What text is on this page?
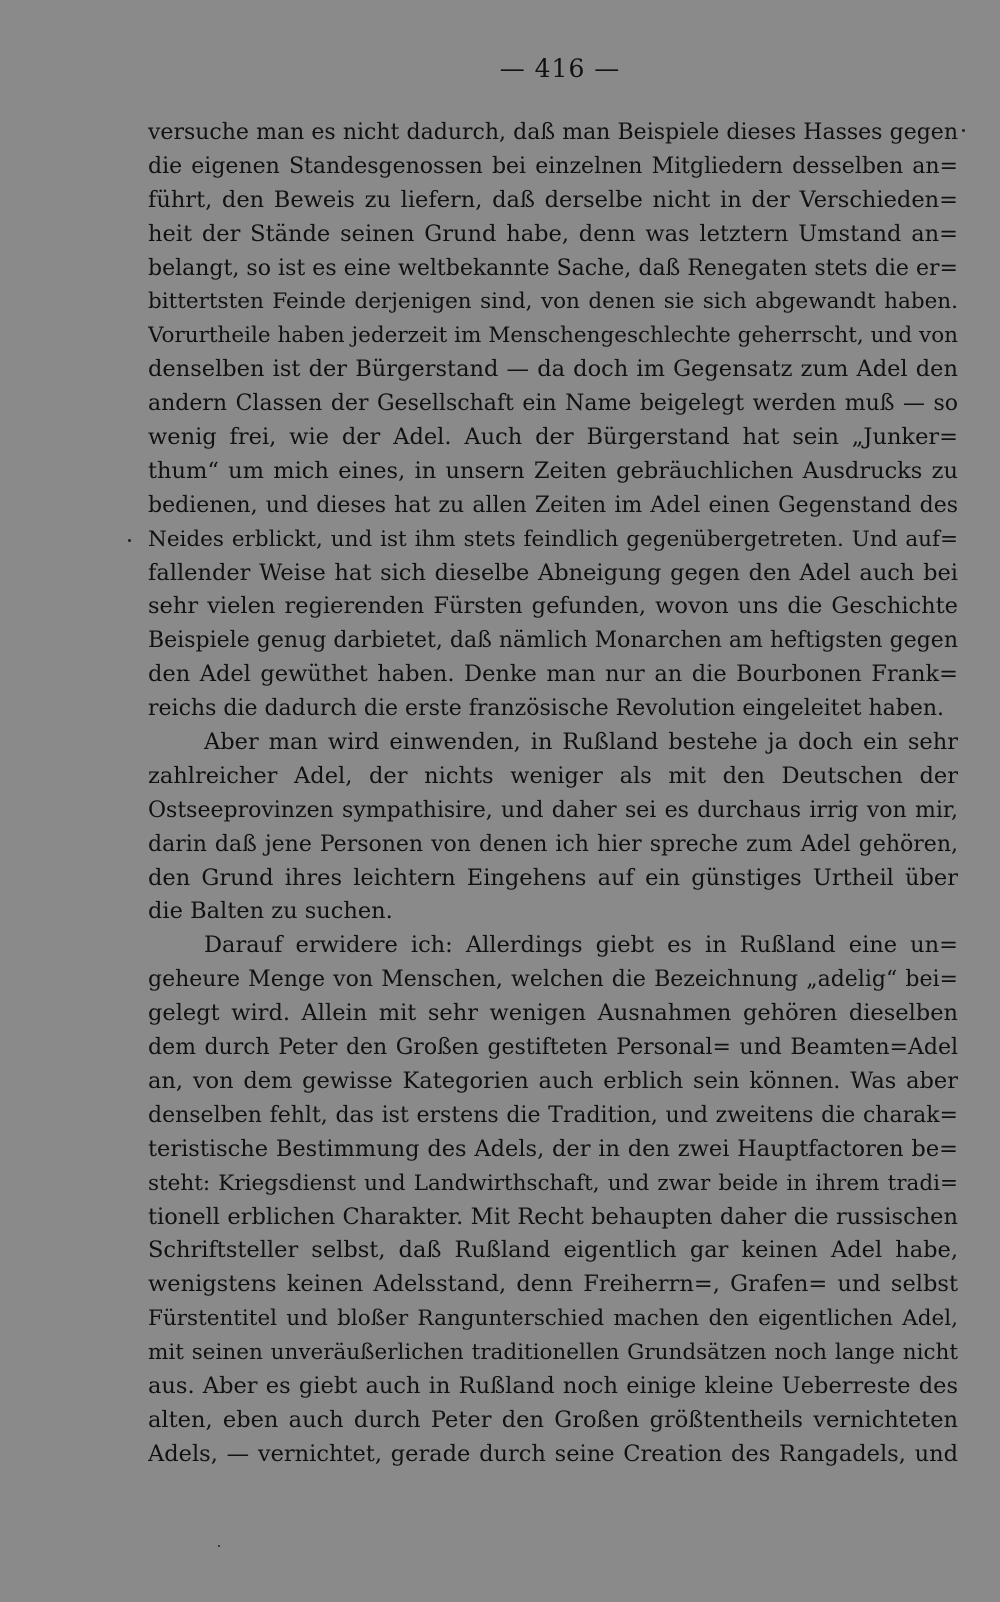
— 416 —
versuche man es nicht dadurch, daß man Beispiele dieses Hasses gegen
die eigenen Standesgenossen bei einzelnen Mitgliedern desselben an=
führt, den Beweis zu liefern, daß derselbe nicht in der Verschieden=
heit der Stände seinen Grund habe, denn was letztern Umstand an=
belangt, so ist es eine weltbekannte Sache, daß Renegaten stets die er=
bittertsten Feinde derjenigen sind, von denen sie sich abgewandt haben.
Vorurtheile haben jederzeit im Menschengeschlechte geherrscht, und von
denselben ist der Bürgerstand — da doch im Gegensatz zum Adel den
andern Classen der Gesellschaft ein Name beigelegt werden muß — so
wenig frei, wie der Adel. Auch der Bürgerstand hat sein „Junker=
thum“ um mich eines, in unsern Zeiten gebräuchlichen Ausdrucks zu
bedienen, und dieses hat zu allen Zeiten im Adel einen Gegenstand des
Neides erblickt, und ist ihm stets feindlich gegenübergetreten. Und auf=
fallender Weise hat sich dieselbe Abneigung gegen den Adel auch bei
sehr vielen regierenden Fürsten gefunden, wovon uns die Geschichte
Beispiele genug darbietet, daß nämlich Monarchen am heftigsten gegen
den Adel gewüthet haben. Denke man nur an die Bourbonen Frank=
reichs die dadurch die erste französische Revolution eingeleitet haben.
Aber man wird einwenden, in Rußland bestehe ja doch ein sehr
zahlreicher Adel, der nichts weniger als mit den Deutschen der
Ostseeprovinzen sympathisire, und daher sei es durchaus irrig von mir,
darin daß jene Personen von denen ich hier spreche zum Adel gehören,
den Grund ihres leichtern Eingehens auf ein günstiges Urtheil über
die Balten zu suchen.
Darauf erwidere ich: Allerdings giebt es in Rußland eine un=
geheure Menge von Menschen, welchen die Bezeichnung „adelig“ bei=
gelegt wird. Allein mit sehr wenigen Ausnahmen gehören dieselben
dem durch Peter den Großen gestifteten Personal= und Beamten=Adel
an, von dem gewisse Kategorien auch erblich sein können. Was aber
denselben fehlt, das ist erstens die Tradition, und zweitens die charak=
teristische Bestimmung des Adels, der in den zwei Hauptfactoren be=
steht: Kriegsdienst und Landwirthschaft, und zwar beide in ihrem tradi=
tionell erblichen Charakter. Mit Recht behaupten daher die russischen
Schriftsteller selbst, daß Rußland eigentlich gar keinen Adel habe,
wenigstens keinen Adelsstand, denn Freiherrn=, Grafen= und selbst
Fürstentitel und bloßer Rangunterschied machen den eigentlichen Adel,
mit seinen unveräußerlichen traditionellen Grundsätzen noch lange nicht
aus. Aber es giebt auch in Rußland noch einige kleine Ueberreste des
alten, eben auch durch Peter den Großen größtentheils vernichteten
Adels, — vernichtet, gerade durch seine Creation des Rangadels, und
